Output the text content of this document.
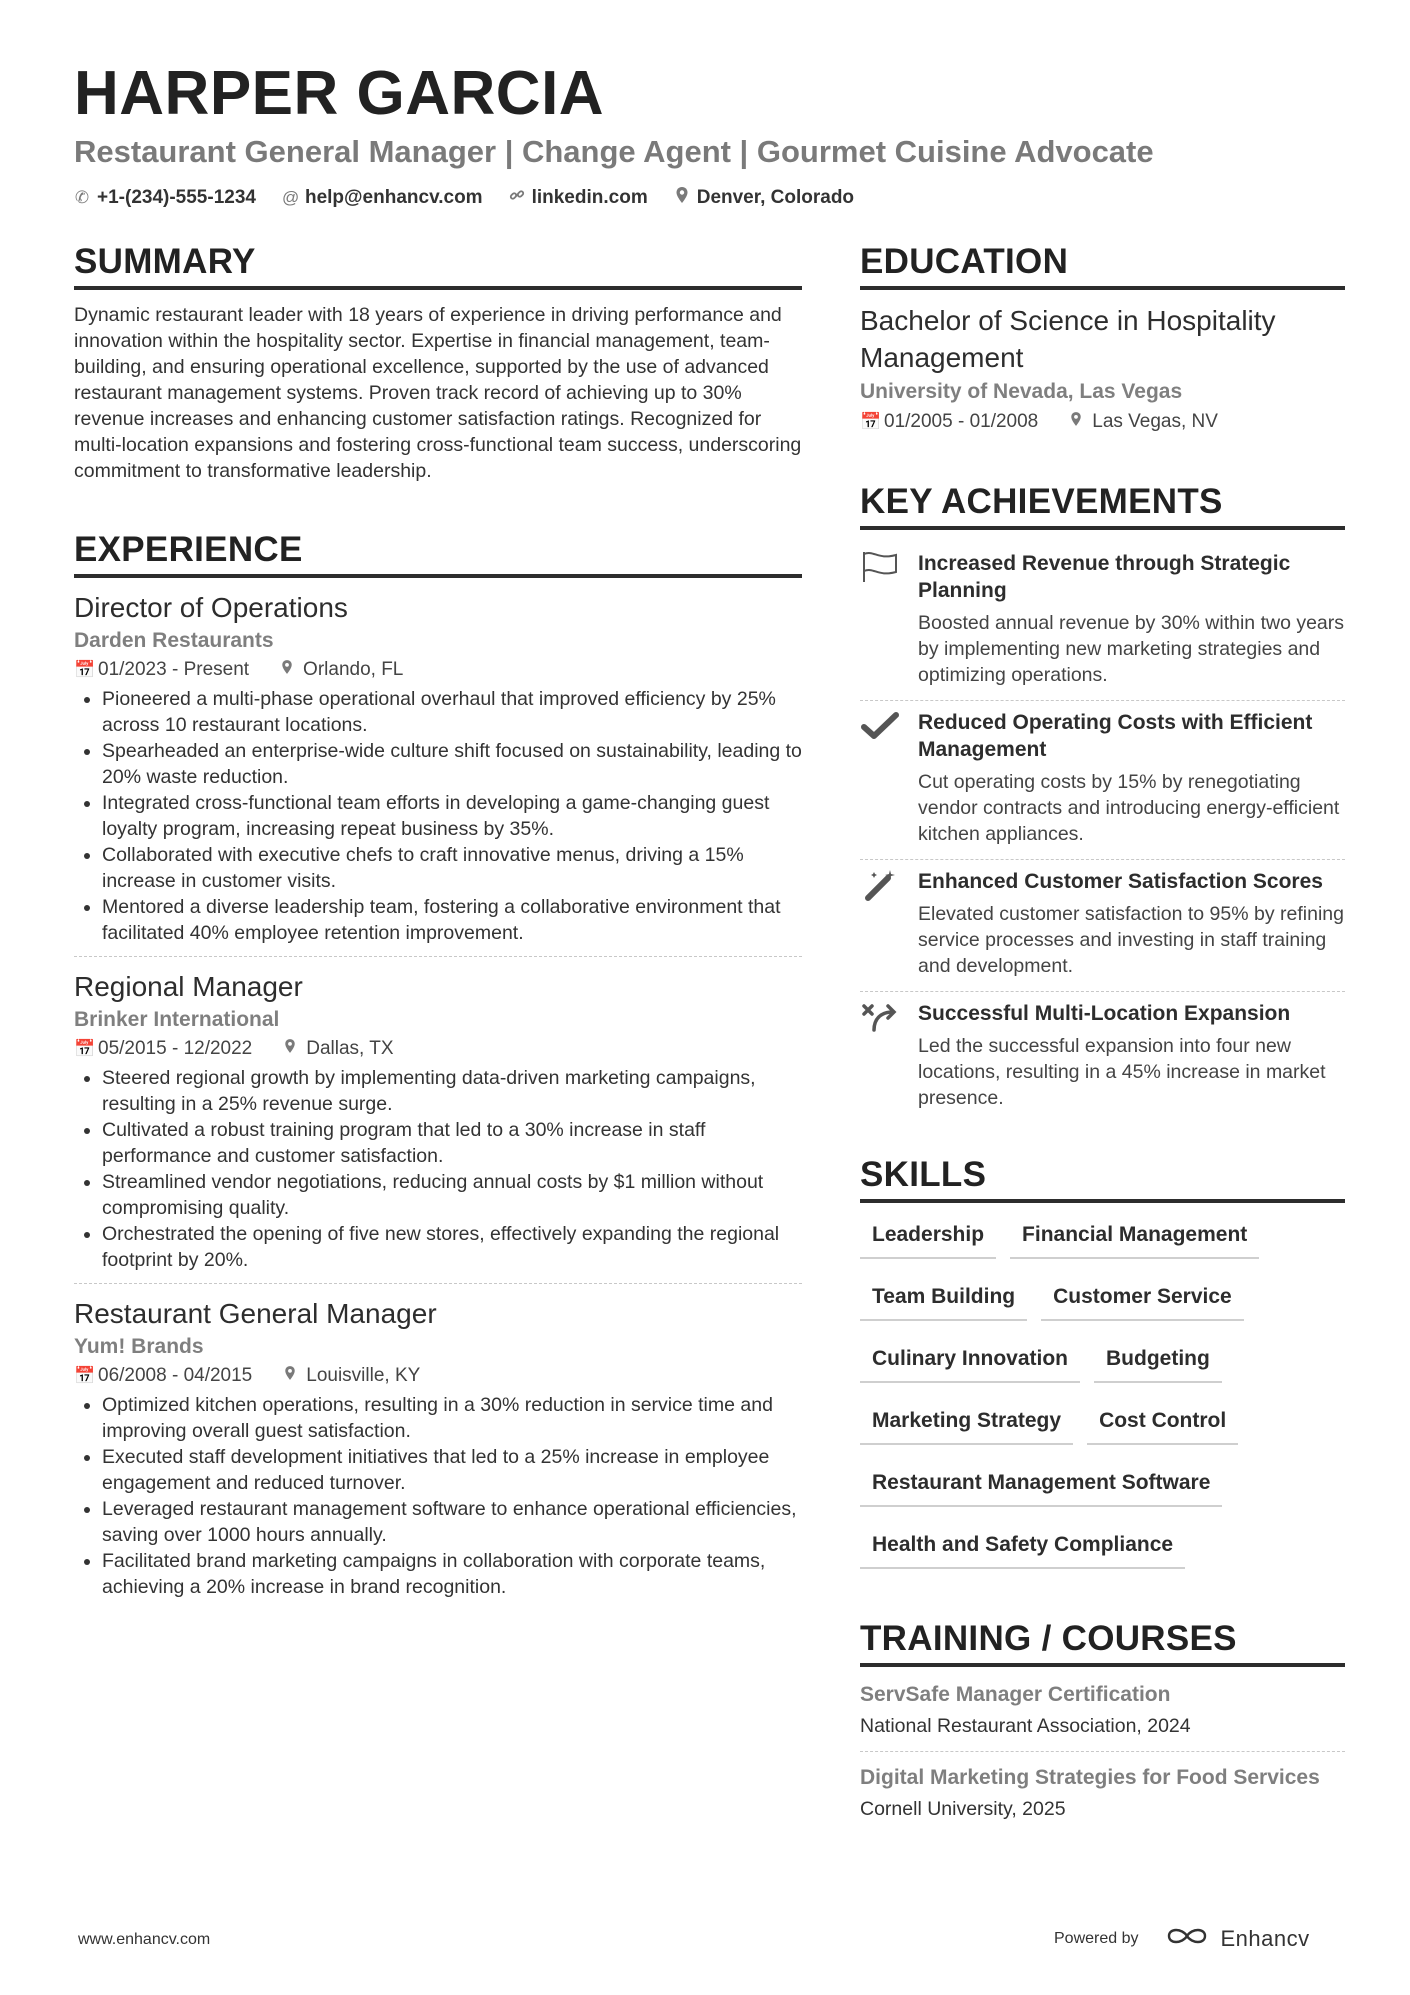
HARPER GARCIA
Restaurant General Manager | Change Agent | Gourmet Cuisine Advocate
✆ +1-(234)-555-1234 @ help@enhancv.com	linkedin.com	Denver, Colorado
SUMMARY
Dynamic restaurant leader with 18 years of experience in driving performance and innovation within the hospitality sector. Expertise in financial management, team-building, and ensuring operational excellence, supported by the use of advanced restaurant management systems. Proven track record of achieving up to 30% revenue increases and enhancing customer satisfaction ratings. Recognized for multi-location expansions and fostering cross-functional team success, underscoring commitment to transformative leadership.
EXPERIENCE
Director of Operations
Darden Restaurants
📅 01/2023 - Present	Orlando, FL
• Pioneered a multi-phase operational overhaul that improved efficiency by 25% across 10 restaurant locations.
• Spearheaded an enterprise-wide culture shift focused on sustainability, leading to 20% waste reduction.
• Integrated cross-functional team efforts in developing a game-changing guest loyalty program, increasing repeat business by 35%.
• Collaborated with executive chefs to craft innovative menus, driving a 15% increase in customer visits.
• Mentored a diverse leadership team, fostering a collaborative environment that facilitated 40% employee retention improvement.
Regional Manager
Brinker International
📅 05/2015 - 12/2022	Dallas, TX
• Steered regional growth by implementing data-driven marketing campaigns, resulting in a 25% revenue surge.
• Cultivated a robust training program that led to a 30% increase in staff performance and customer satisfaction.
• Streamlined vendor negotiations, reducing annual costs by $1 million without compromising quality.
• Orchestrated the opening of five new stores, effectively expanding the regional footprint by 20%.
Restaurant General Manager
Yum! Brands
📅 06/2008 - 04/2015	Louisville, KY
• Optimized kitchen operations, resulting in a 30% reduction in service time and improving overall guest satisfaction.
• Executed staff development initiatives that led to a 25% increase in employee engagement and reduced turnover.
• Leveraged restaurant management software to enhance operational efficiencies, saving over 1000 hours annually.
• Facilitated brand marketing campaigns in collaboration with corporate teams, achieving a 20% increase in brand recognition.
EDUCATION
Bachelor of Science in Hospitality Management
University of Nevada, Las Vegas
📅 01/2005 - 01/2008	Las Vegas, NV
KEY ACHIEVEMENTS
Increased Revenue through Strategic Planning
Boosted annual revenue by 30% within two years by implementing new marketing strategies and optimizing operations.
Reduced Operating Costs with Efficient Management
Cut operating costs by 15% by renegotiating vendor contracts and introducing energy-efficient kitchen appliances.
Enhanced Customer Satisfaction Scores
Elevated customer satisfaction to 95% by refining service processes and investing in staff training and development.
Successful Multi-Location Expansion
Led the successful expansion into four new locations, resulting in a 45% increase in market presence.
SKILLS
Leadership	Financial Management
Team Building	Customer Service
Culinary Innovation	Budgeting
Marketing Strategy	Cost Control
Restaurant Management Software
Health and Safety Compliance
TRAINING / COURSES
ServSafe Manager Certification
National Restaurant Association, 2024
Digital Marketing Strategies for Food Services
Cornell University, 2025
www.enhancv.com	Powered by	Enhancv
